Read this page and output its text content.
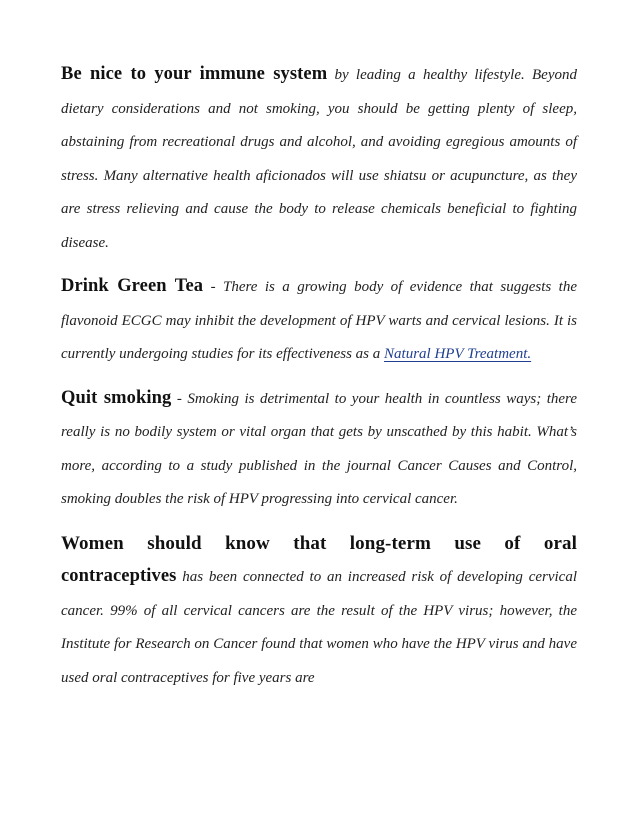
Be nice to your immune system by leading a healthy lifestyle. Beyond dietary considerations and not smoking, you should be getting plenty of sleep, abstaining from recreational drugs and alcohol, and avoiding egregious amounts of stress. Many alternative health aficionados will use shiatsu or acupuncture, as they are stress relieving and cause the body to release chemicals beneficial to fighting disease.

Drink Green Tea - There is a growing body of evidence that suggests the flavonoid ECGC may inhibit the development of HPV warts and cervical lesions. It is currently undergoing studies for its effectiveness as a Natural HPV Treatment.

Quit smoking - Smoking is detrimental to your health in countless ways; there really is no bodily system or vital organ that gets by unscathed by this habit. What’s more, according to a study published in the journal Cancer Causes and Control, smoking doubles the risk of HPV progressing into cervical cancer.

Women should know that long-term use of oral
contraceptives has been connected to an increased risk of developing cervical cancer. 99% of all cervical cancers are the result of the HPV virus; however, the Institute for Research on Cancer found that women who have the HPV virus and have used oral contraceptives for five years are
